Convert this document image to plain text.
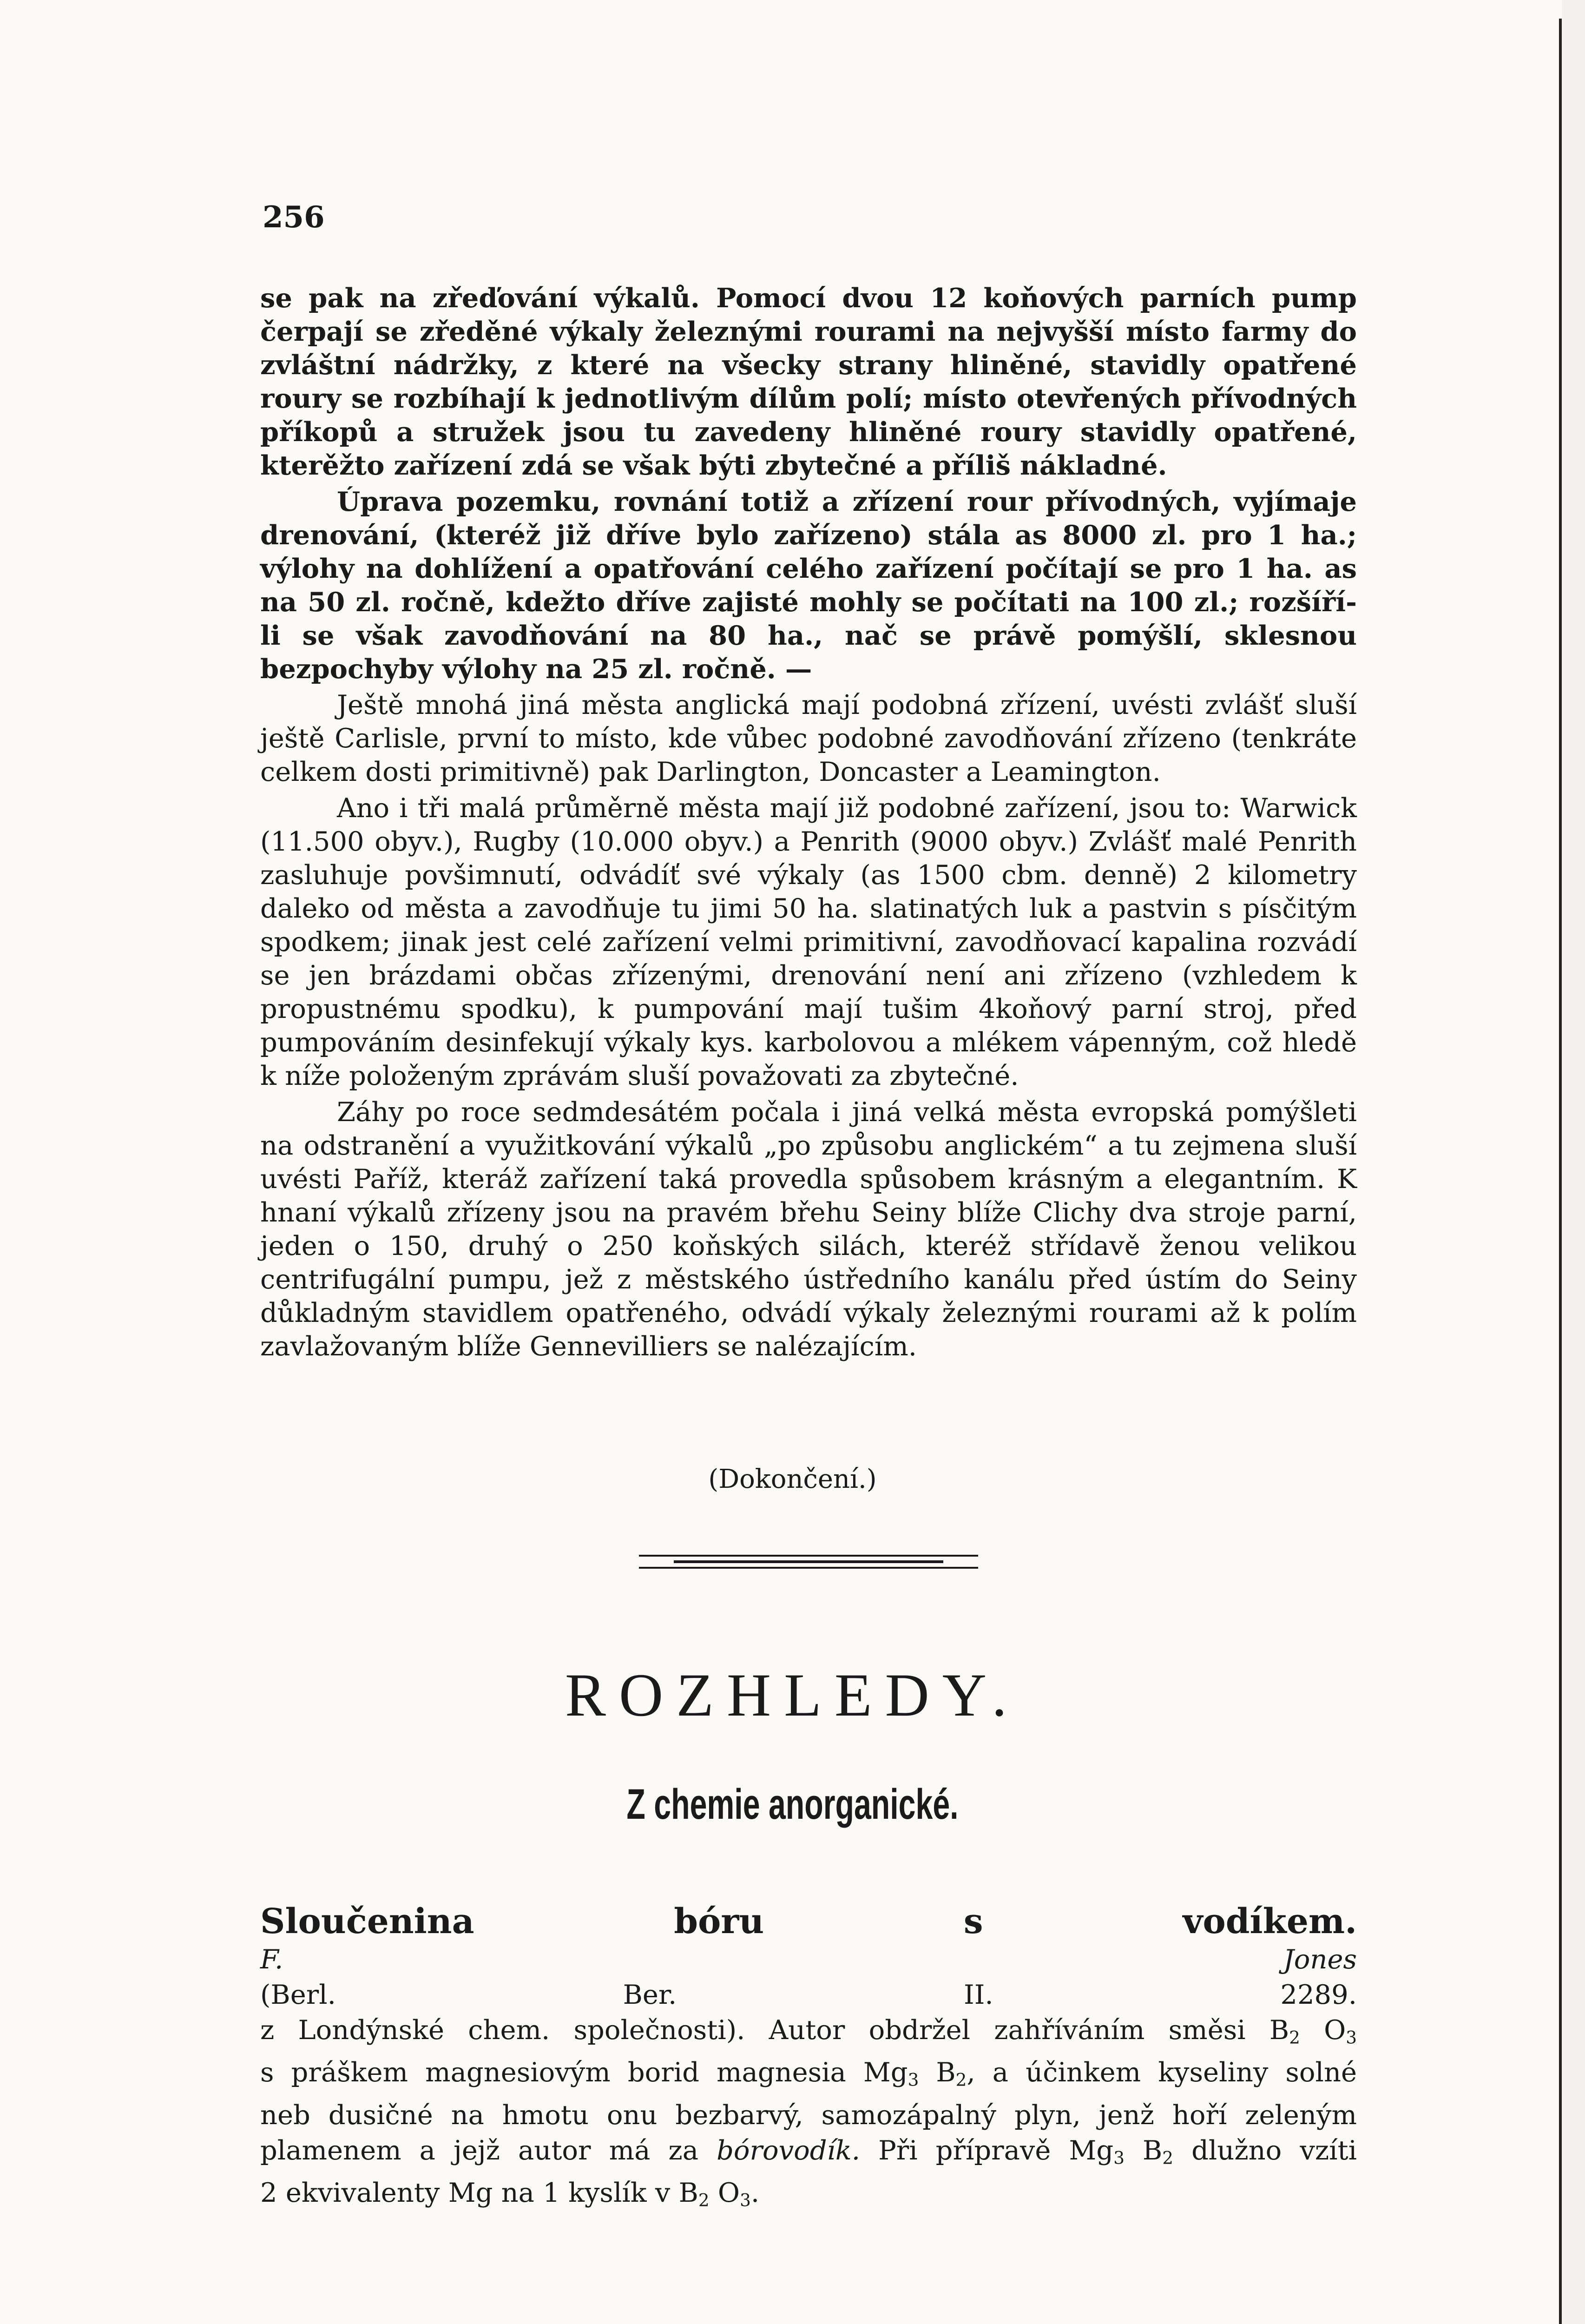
256

se pak na zřeďování výkalů. Pomocí dvou 12 koňových parních pump čerpají se zředěné výkaly železnými rourami na nejvyšší místo farmy do zvláštní nádržky, z které na všecky strany hliněné, stavidly opatřené roury se rozbíhají k jednotlivým dílům polí; místo otevřených přívodných příkopů a stružek jsou tu zavedeny hliněné roury stavidly opatřené, kterěžto zařízení zdá se však býti zbytečné a příliš nákladné.

Úprava pozemku, rovnání totiž a zřízení rour přívodných, vyjímaje drenování, (kteréž již dříve bylo zařízeno) stála as 8000 zl. pro 1 ha.; výlohy na dohlížení a opatřování celého zařízení počítají se pro 1 ha. as na 50 zl. ročně, kdežto dříve zajisté mohly se počítati na 100 zl.; rozšíří-li se však zavodňování na 80 ha., nač se právě pomýšlí, sklesnou bezpochyby výlohy na 25 zl. ročně. —

Ještě mnohá jiná města anglická mají podobná zřízení, uvésti zvlášť sluší ještě Carlisle, první to místo, kde vůbec podobné zavodňování zřízeno (tenkráte celkem dosti primitivně) pak Darlington, Doncaster a Leamington.

Ano i tři malá průměrně města mají již podobné zařízení, jsou to: Warwick (11.500 obyv.), Rugby (10.000 obyv.) a Penrith (9000 obyv.) Zvlášť malé Penrith zasluhuje povšimnutí, odvádíť své výkaly (as 1500 cbm. denně) 2 kilometry daleko od města a zavodňuje tu jimi 50 ha. slatinatých luk a pastvin s písčitým spodkem; jinak jest celé zařízení velmi primitivní, zavodňovací kapalina rozvádí se jen brázdami občas zřízenými, drenování není ani zřízeno (vzhledem k propustnému spodku), k pumpování mají tušim 4koňový parní stroj, před pumpováním desinfekují výkaly kys. karbolovou a mlékem vápenným, což hledě k níže položeným zprávám sluší považovati za zbytečné.

Záhy po roce sedmdesátém počala i jiná velká města evropská pomýšleti na odstranění a využitkování výkalů „po způsobu anglickém“ a tu zejmena sluší uvésti Paříž, kteráž zařízení taká provedla spůsobem krásným a elegantním. K hnaní výkalů zřízeny jsou na pravém břehu Seiny blíže Clichy dva stroje parní, jeden o 150, druhý o 250 koňských silách, kteréž střídavě ženou velikou centrifugální pumpu, jež z městského ústředního kanálu před ústím do Seiny důkladným stavidlem opatřeného, odvádí výkaly železnými rourami až k polím zavlažovaným blíže Gennevilliers se nalézajícím.

(Dokončení.)
ROZHLEDY.
Z chemie anorganické.

Sloučenina bóru s vodíkem.
F. Jones
(Berl. Ber. II. 2289.

z Londýnské chem. společnosti). Autor obdržel zahříváním směsi $B_2$ $O_3$

s práškem magnesiovým borid magnesia $Mg_3$ $B_2$, a účinkem kyseliny solné

neb dusičné na hmotu onu bezbarvý, samozápalný plyn, jenž hoří zeleným

plamenem a jejž autor má za bórovodík. Při přípravě $Mg_3$ $B_2$ dlužno vzíti

2 ekvivalenty Mg na 1 kyslík v $B_2$ $O_3$.
